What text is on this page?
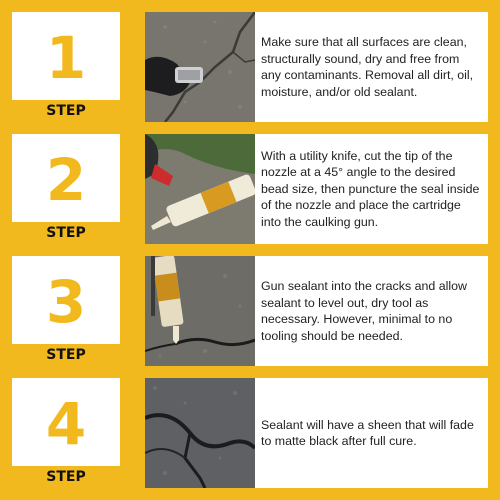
1
STEP
Make sure that all surfaces are clean, structurally sound, dry and free from any contaminants. Removal all dirt, oil, moisture, and/or old sealant.
2
STEP
With a utility knife, cut the tip of the nozzle at a 45° angle to the desired bead size, then puncture the seal inside of the nozzle and place the cartridge into the caulking gun.
3
STEP
Gun sealant into the cracks and allow sealant to level out, dry tool as necessary. However, minimal to no tooling should be needed.
4
STEP
Sealant will have a sheen that will fade to matte black after full cure.
